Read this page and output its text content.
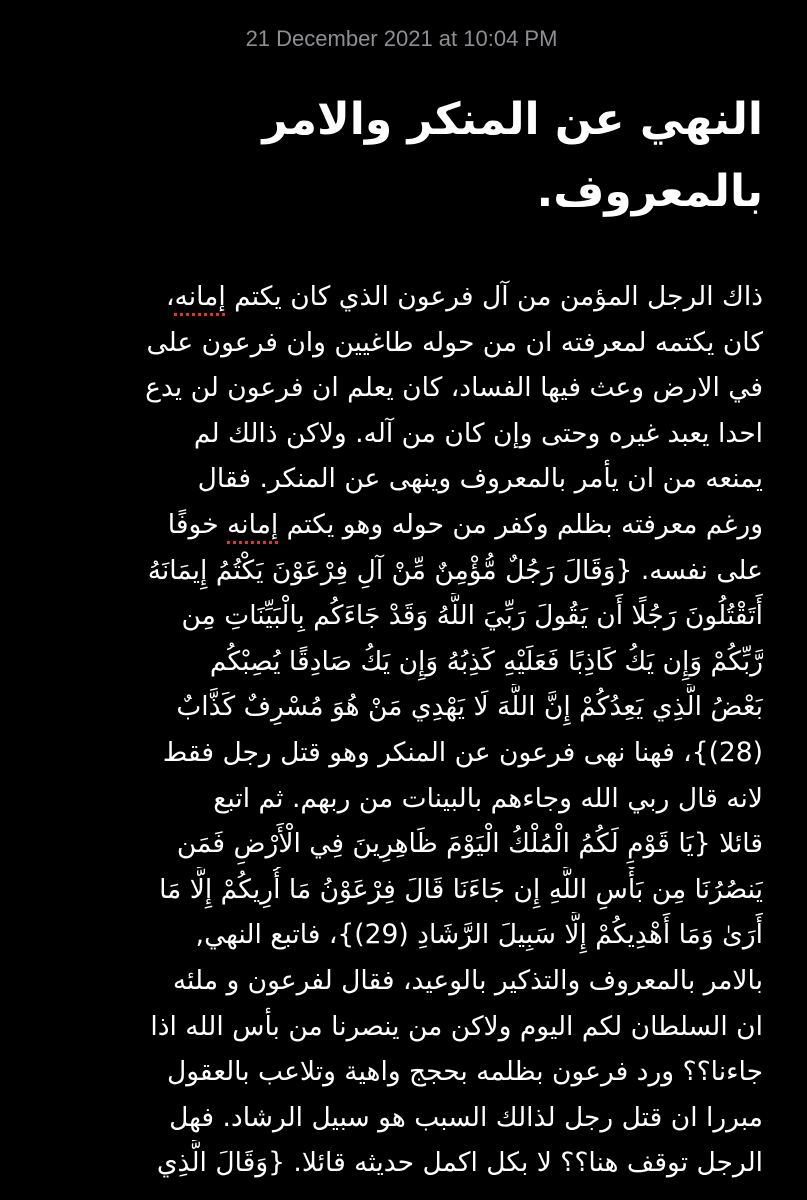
21 December 2021 at 10:04 PM
النهي عن المنكر والامر
بالمعروف.
ذاك الرجل المؤمن من آل فرعون الذي كان يكتم إمانه،
كان يكتمه لمعرفته ان من حوله طاغيين وان فرعون على
في الارض وعث فيها الفساد، كان يعلم ان فرعون لن يدع
احدا يعبد غيره وحتى وإن كان من آله. ولاكن ذالك لم
يمنعه من ان يأمر بالمعروف وينهى عن المنكر. فقال
ورغم معرفته بظلم وكفر من حوله وهو يكتم إمانه خوفًا
على نفسه. {وَقَالَ رَجُلٌ مُّؤْمِنٌ مِّنْ آلِ فِرْعَوْنَ يَكْتُمُ إِيمَانَهُ
أَتَقْتُلُونَ رَجُلًا أَن يَقُولَ رَبِّيَ اللَّهُ وَقَدْ جَاءَكُم بِالْبَيِّنَاتِ مِن
رَّبِّكُمْ وَإِن يَكُ كَاذِبًا فَعَلَيْهِ كَذِبُهُ وَإِن يَكُ صَادِقًا يُصِبْكُم
بَعْضُ الَّذِي يَعِدُكُمْ إِنَّ اللَّهَ لَا يَهْدِي مَنْ هُوَ مُسْرِفٌ كَذَّابٌ
(28)}، فهنا نهى فرعون عن المنكر وهو قتل رجل فقط
لانه قال ربي الله وجاءهم بالبينات من ربهم. ثم اتبع
قائلا {يَا قَوْمِ لَكُمُ الْمُلْكُ الْيَوْمَ ظَاهِرِينَ فِي الْأَرْضِ فَمَن
يَنصُرُنَا مِن بَأْسِ اللَّهِ إِن جَاءَنَا قَالَ فِرْعَوْنُ مَا أُرِيكُمْ إِلَّا مَا
أَرَىٰ وَمَا أَهْدِيكُمْ إِلَّا سَبِيلَ الرَّشَادِ (29)}، فاتبع النهي,
بالامر بالمعروف والتذكير بالوعيد، فقال لفرعون و ملئه
ان السلطان لكم اليوم ولاكن من ينصرنا من بأس الله اذا
جاءنا؟؟ ورد فرعون بظلمه بحجج واهية وتلاعب بالعقول
مبررا ان قتل رجل لذالك السبب هو سبيل الرشاد. فهل
الرجل توقف هنا؟؟ لا بكل اكمل حديثه قائلا. {وَقَالَ الَّذِي
